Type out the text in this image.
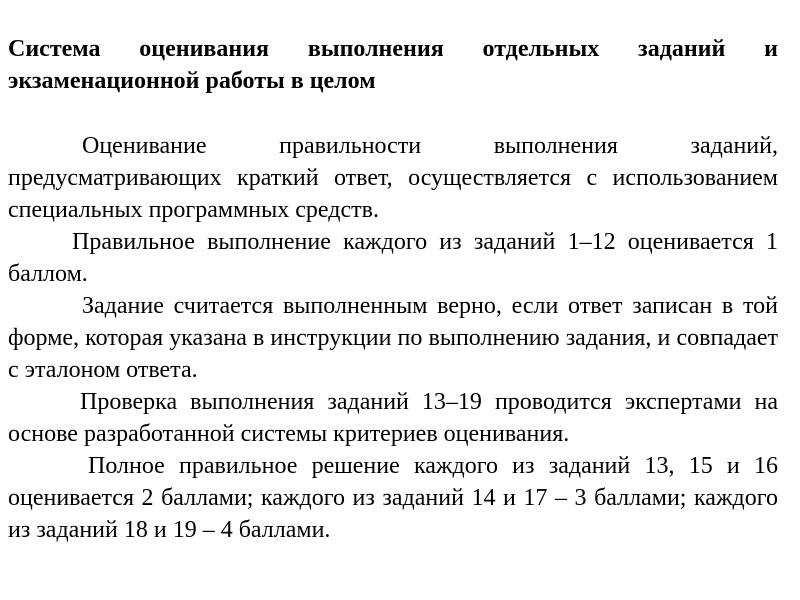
Система оценивания выполнения отдельных заданий и экзаменационной работы в целом

Оценивание правильности выполнения заданий, предусматривающих краткий ответ, осуществляется с использованием специальных программных средств.

Правильное выполнение каждого из заданий 1–12 оценивается 1 баллом.

Задание считается выполненным верно, если ответ записан в той форме, которая указана в инструкции по выполнению задания, и совпадает с эталоном ответа.

Проверка выполнения заданий 13–19 проводится экспертами на основе разработанной системы критериев оценивания.

Полное правильное решение каждого из заданий 13, 15 и 16 оценивается 2 баллами; каждого из заданий 14 и 17 – 3 баллами; каждого из заданий 18 и 19 – 4 баллами.
